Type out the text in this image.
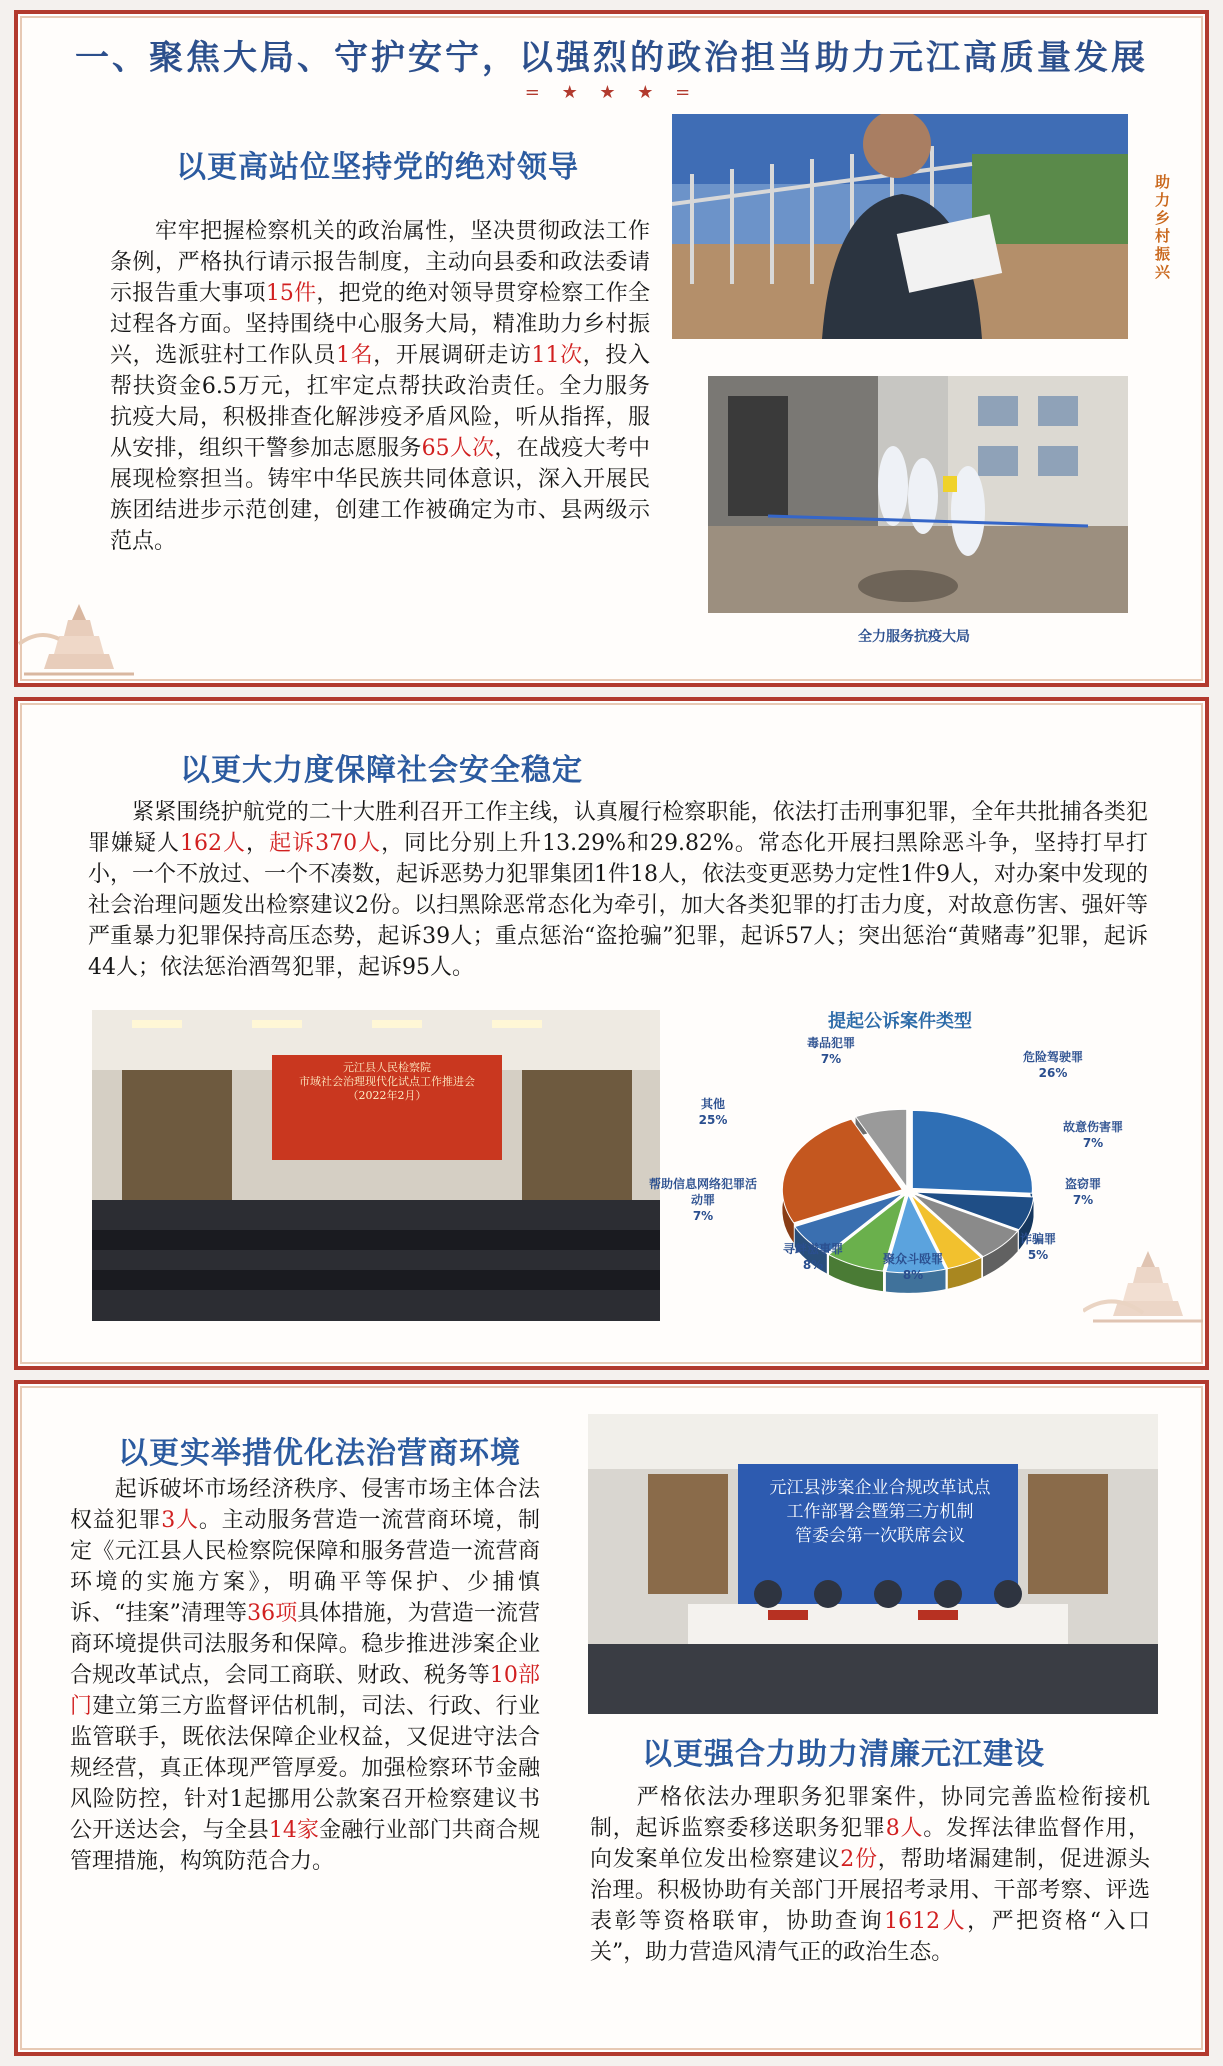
一、聚焦大局、守护安宁，以强烈的政治担当助力元江高质量发展
= ★ ★ ★ =
以更高站位坚持党的绝对领导

　　牢牢把握检察机关的政治属性，坚决贯彻政法工作条例，严格执行请示报告制度，主动向县委和政法委请示报告重大事项15件，把党的绝对领导贯穿检察工作全过程各方面。坚持围绕中心服务大局，精准助力乡村振兴，选派驻村工作队员1名，开展调研走访11次，投入帮扶资金6.5万元，扛牢定点帮扶政治责任。全力服务抗疫大局，积极排查化解涉疫矛盾风险，听从指挥，服从安排，组织干警参加志愿服务65人次，在战疫大考中展现检察担当。铸牢中华民族共同体意识，深入开展民族团结进步示范创建，创建工作被确定为市、县两级示范点。

助力乡村振兴
全力服务抗疫大局
以更大力度保障社会安全稳定

　　紧紧围绕护航党的二十大胜利召开工作主线，认真履行检察职能，依法打击刑事犯罪，全年共批捕各类犯罪嫌疑人162人，起诉370人，同比分别上升13.29%和29.82%。常态化开展扫黑除恶斗争，坚持打早打小，一个不放过、一个不凑数，起诉恶势力犯罪集团1件18人，依法变更恶势力定性1件9人，对办案中发现的社会治理问题发出检察建议2份。以扫黑除恶常态化为牵引，加大各类犯罪的打击力度，对故意伤害、强奸等严重暴力犯罪保持高压态势，起诉39人；重点惩治“盗抢骗”犯罪，起诉57人；突出惩治“黄赌毒”犯罪，起诉44人；依法惩治酒驾犯罪，起诉95人。

元江县人民检察院
市域社会治理现代化试点工作推进会
（2022年2月）
提起公诉案件类型
危险驾驶罪
26%
故意伤害罪
7%
盗窃罪
7%
诈骗罪
5%
聚众斗殴罪
8%
寻衅滋事罪
8%
帮助信息网络犯罪活动罪
7%
其他
25%
毒品犯罪
7%
以更实举措优化法治营商环境

　　起诉破坏市场经济秩序、侵害市场主体合法权益犯罪3人。主动服务营造一流营商环境，制定《元江县人民检察院保障和服务营造一流营商环境的实施方案》，明确平等保护、少捕慎诉、“挂案”清理等36项具体措施，为营造一流营商环境提供司法服务和保障。稳步推进涉案企业合规改革试点，会同工商联、财政、税务等10部门建立第三方监督评估机制，司法、行政、行业监管联手，既依法保障企业权益，又促进守法合规经营，真正体现严管厚爱。加强检察环节金融风险防控，针对1起挪用公款案召开检察建议书公开送达会，与全县14家金融行业部门共商合规管理措施，构筑防范合力。

元江县涉案企业合规改革试点
工作部署会暨第三方机制
管委会第一次联席会议
以更强合力助力清廉元江建设

　　严格依法办理职务犯罪案件，协同完善监检衔接机制，起诉监察委移送职务犯罪8人。发挥法律监督作用，向发案单位发出检察建议2份，帮助堵漏建制，促进源头治理。积极协助有关部门开展招考录用、干部考察、评选表彰等资格联审，协助查询1612人，严把资格“入口关”，助力营造风清气正的政治生态。
